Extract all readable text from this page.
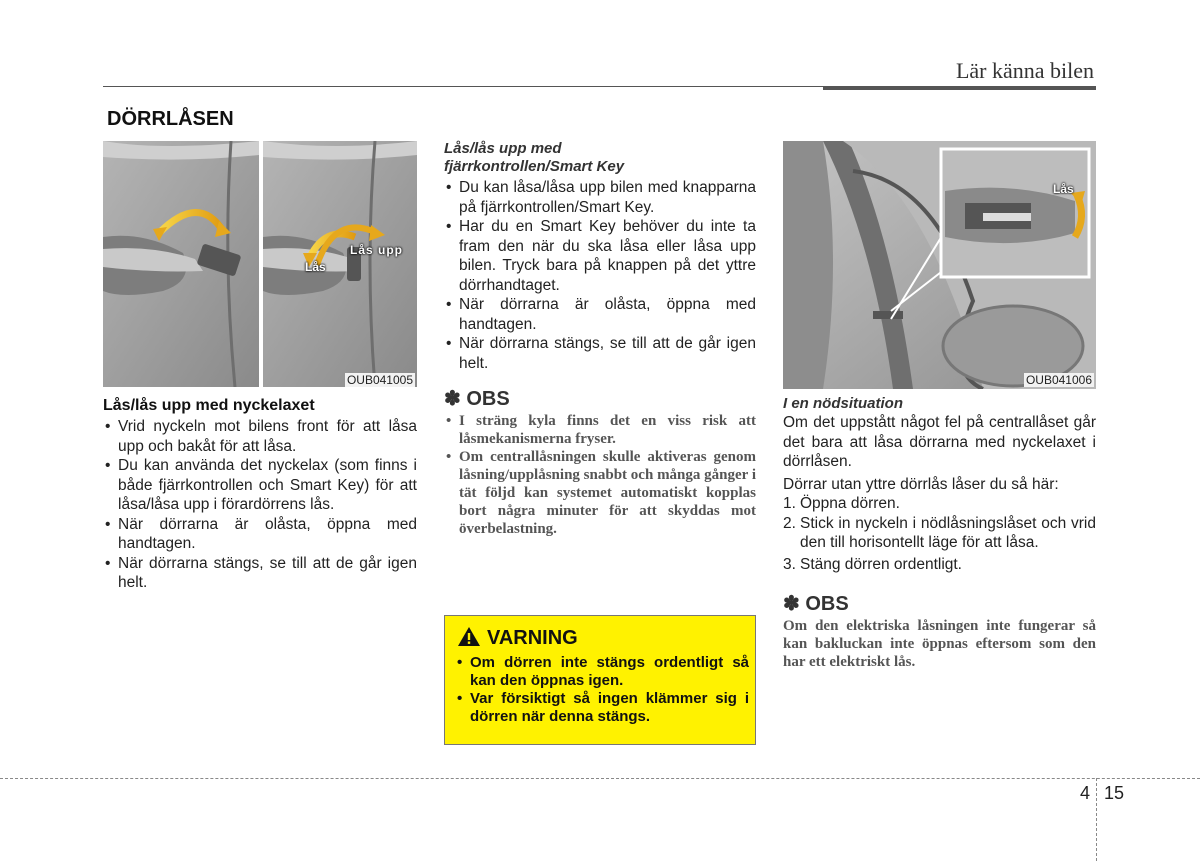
Lär känna bilen
DÖRRLÅSEN
Lås
Lås upp
OUB041005
Lås/lås upp med nyckelaxet
• Vrid nyckeln mot bilens front för att låsa upp och bakåt för att låsa.
• Du kan använda det nyckelax (som finns i både fjärrkontrollen och Smart Key) för att låsa/låsa upp i förardörrens lås.
• När dörrarna är olåsta, öppna med handtagen.
• När dörrarna stängs, se till att de går igen helt.
Lås/lås upp med fjärrkontrollen/Smart Key
• Du kan låsa/låsa upp bilen med knapparna på fjärrkontrollen/Smart Key.
• Har du en Smart Key behöver du inte ta fram den när du ska låsa eller låsa upp bilen. Tryck bara på knappen på det yttre dörrhandtaget.
• När dörrarna är olåsta, öppna med handtagen.
• När dörrarna stängs, se till att de går igen helt.
✽ OBS
• I sträng kyla finns det en viss risk att låsmekanismerna fryser.
• Om centrallåsningen skulle aktiveras genom låsning/upplåsning snabbt och många gånger i tät följd kan systemet automatiskt kopplas bort några minuter för att skyddas mot överbelastning.
VARNING
• Om dörren inte stängs ordentligt så kan den öppnas igen.
• Var försiktigt så ingen klämmer sig i dörren när denna stängs.
Lås
OUB041006
I en nödsituation

Om det uppstått något fel på centrallåset går det bara att låsa dörrarna med nyckelaxet i dörrlåsen.

Dörrar utan yttre dörrlås låser du så här:

1. Öppna dörren.
2. Stick in nyckeln i nödlåsningslåset och vrid den till horisontellt läge för att låsa.
3. Stäng dörren ordentligt.
✽ OBS

Om den elektriska låsningen inte fungerar så kan bakluckan inte öppnas eftersom som den har ett elektriskt lås.

4 15
